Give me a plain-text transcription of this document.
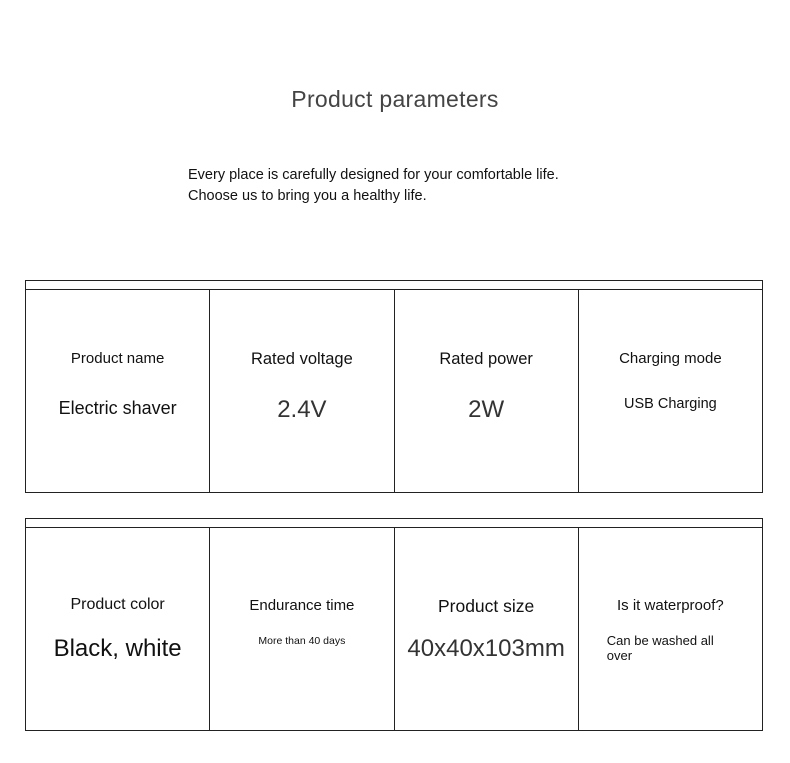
Product parameters
Every place is carefully designed for your comfortable life.
Choose us to bring you a healthy life.
Product name
Electric shaver
Rated voltage
2.4V
Rated power
2W
Charging mode
USB Charging
Product color
Black, white
Endurance time
More than 40 days
Product size
40x40x103mm
Is it waterproof?
Can be washed all over
